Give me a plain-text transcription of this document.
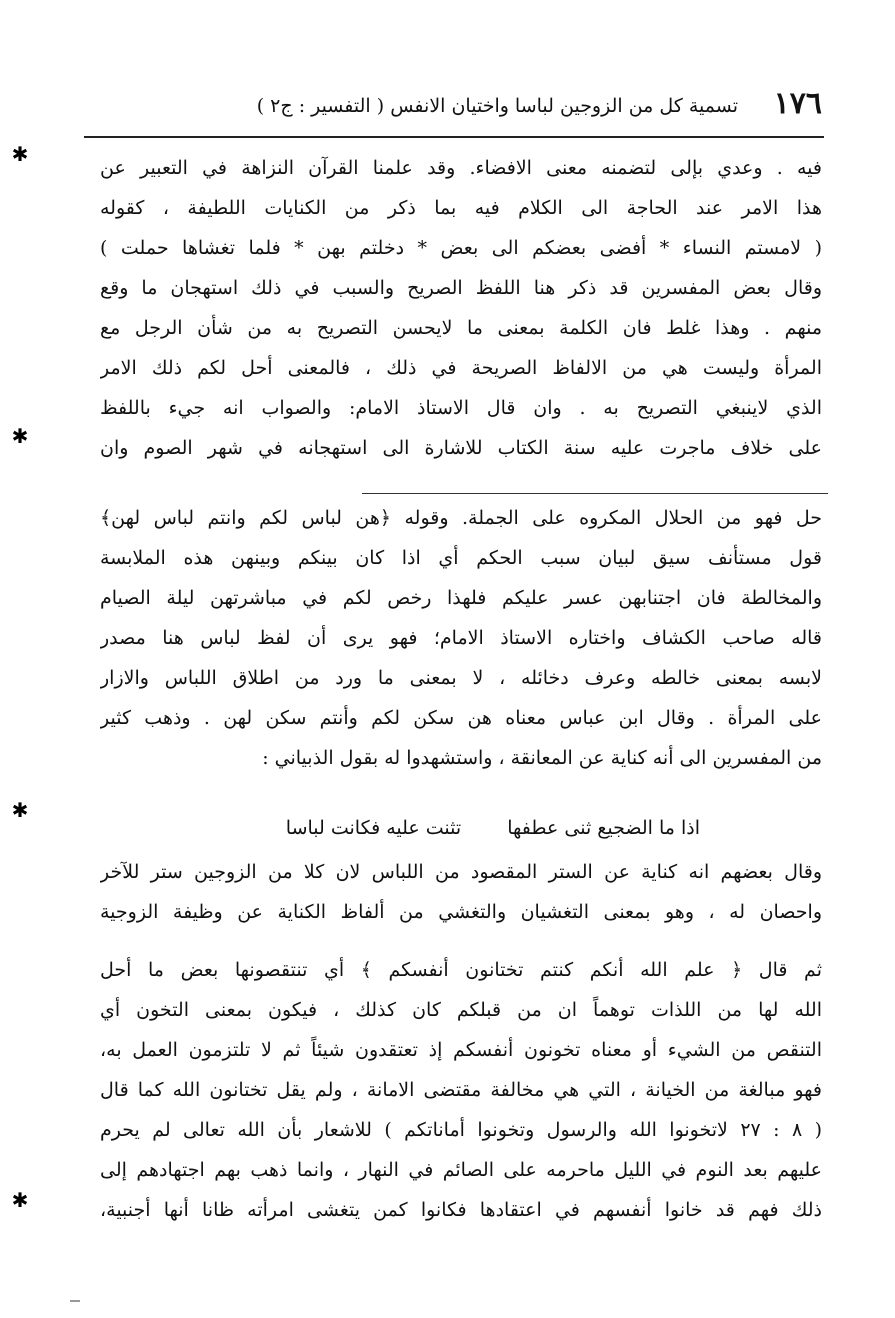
١٧٦
تسمية كل من الزوجين لباسا واختيان الانفس ( التفسير : ج٢ )
فيه . وعدي بإلى لتضمنه معنى الافضاء. وقد علمنا القرآن النزاهة في التعبير عن
هذا الامر عند الحاجة الى الكلام فيه بما ذكر من الكنايات اللطيفة ، كقوله
( لامستم النساء * أفضى بعضكم الى بعض * دخلتم بهن * فلما تغشاها حملت )
وقال بعض المفسرين قد ذكر هنا اللفظ الصريح والسبب في ذلك استهجان ما وقع
منهم . وهذا غلط فان الكلمة بمعنى ما لايحسن التصريح به من شأن الرجل مع
المرأة وليست هي من الالفاظ الصريحة في ذلك ، فالمعنى أحل لكم ذلك الامر
الذي لاينبغي التصريح به . وان قال الاستاذ الامام: والصواب انه جيء باللفظ
على خلاف ماجرت عليه سنة الكتاب للاشارة الى استهجانه في شهر الصوم وان
حل فهو من الحلال المكروه على الجملة. وقوله ﴿هن لباس لكم وانتم لباس لهن﴾
قول مستأنف سيق لبيان سبب الحكم أي اذا كان بينكم وبينهن هذه الملابسة
والمخالطة فان اجتنابهن عسر عليكم فلهذا رخص لكم في مباشرتهن ليلة الصيام
قاله صاحب الكشاف واختاره الاستاذ الامام؛ فهو يرى أن لفظ لباس هنا مصدر
لابسه بمعنى خالطه وعرف دخائله ، لا بمعنى ما ورد من اطلاق اللباس والازار
على المرأة . وقال ابن عباس معناه هن سكن لكم وأنتم سكن لهن . وذهب كثير
من المفسرين الى أنه كناية عن المعانقة ، واستشهدوا له بقول الذبياني :
اذا ما الضجيع ثنى عطفها تثنت عليه فكانت لباسا
وقال بعضهم انه كناية عن الستر المقصود من اللباس لان كلا من الزوجين ستر للآخر
واحصان له ، وهو بمعنى التغشيان والتغشي من ألفاظ الكناية عن وظيفة الزوجية
ثم قال ﴿ علم الله أنكم كنتم تختانون أنفسكم ﴾ أي تنتقصونها بعض ما أحل
الله لها من اللذات توهماً ان من قبلكم كان كذلك ، فيكون بمعنى التخون أي
التنقص من الشيء أو معناه تخونون أنفسكم إذ تعتقدون شيئاً ثم لا تلتزمون العمل به،
فهو مبالغة من الخيانة ، التي هي مخالفة مقتضى الامانة ، ولم يقل تختانون الله كما قال
( ٨ : ٢٧ لاتخونوا الله والرسول وتخونوا أماناتكم ) للاشعار بأن الله تعالى لم يحرم
عليهم بعد النوم في الليل ماحرمه على الصائم في النهار ، وانما ذهب بهم اجتهادهم إلى
ذلك فهم قد خانوا أنفسهم في اعتقادها فكانوا كمن يتغشى امرأته ظانا أنها أجنبية،
✱
✱
✱
✱
